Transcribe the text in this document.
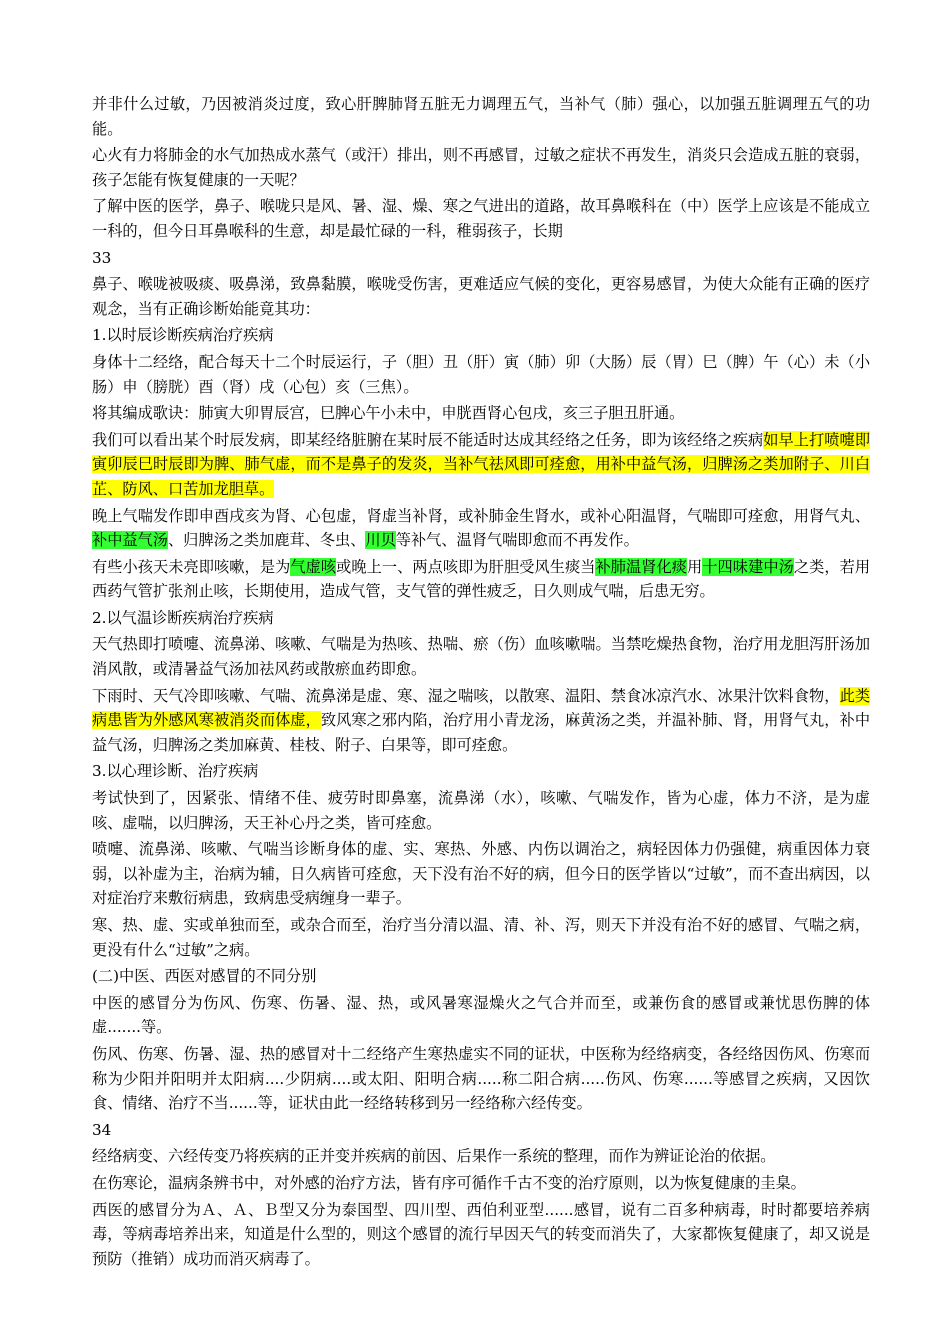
并非什么过敏，乃因被消炎过度，致心肝脾肺肾五脏无力调理五气，当补气（肺）强心，以加强五脏调理五气的功能。

心火有力将肺金的水气加热成水蒸气（或汗）排出，则不再感冒，过敏之症状不再发生，消炎只会造成五脏的衰弱，孩子怎能有恢复健康的一天呢？

了解中医的医学，鼻子、喉咙只是风、暑、湿、燥、寒之气进出的道路，故耳鼻喉科在（中）医学上应该是不能成立一科的，但今日耳鼻喉科的生意，却是最忙碌的一科，稚弱孩子，长期

33

鼻子、喉咙被吸痰、吸鼻涕，致鼻黏膜，喉咙受伤害，更难适应气候的变化，更容易感冒，为使大众能有正确的医疗观念，当有正确诊断始能竟其功：

1.以时辰诊断疾病治疗疾病

身体十二经络，配合每天十二个时辰运行，子（胆）丑（肝）寅（肺）卯（大肠）辰（胃）巳（脾）午（心）未（小肠）申（膀胱）酉（肾）戌（心包）亥（三焦）。

将其编成歌诀：肺寅大卯胃辰宫，巳脾心午小未中，申胱酉肾心包戌，亥三子胆丑肝通。

我们可以看出某个时辰发病，即某经络脏腑在某时辰不能适时达成其经络之任务，即为该经络之疾病如早上打喷嚏即寅卯辰巳时辰即为脾、肺气虚，而不是鼻子的发炎，当补气祛风即可痊愈，用补中益气汤，归脾汤之类加附子、川白芷、防风、口苦加龙胆草。

晚上气喘发作即申酉戌亥为肾、心包虚，肾虚当补肾，或补肺金生肾水，或补心阳温肾，气喘即可痊愈，用肾气丸、补中益气汤、归脾汤之类加鹿茸、冬虫、川贝等补气、温肾气喘即愈而不再发作。

有些小孩天未亮即咳嗽，是为气虚咳或晚上一、两点咳即为肝胆受风生痰当补肺温肾化痰用十四味建中汤之类，若用西药气管扩张剂止咳，长期使用，造成气管，支气管的弹性疲乏，日久则成气喘，后患无穷。

2.以气温诊断疾病治疗疾病

天气热即打喷嚏、流鼻涕、咳嗽、气喘是为热咳、热喘、瘀（伤）血咳嗽喘。当禁吃燥热食物，治疗用龙胆泻肝汤加消风散，或清暑益气汤加祛风药或散瘀血药即愈。

下雨时、天气冷即咳嗽、气喘、流鼻涕是虚、寒、湿之喘咳，以散寒、温阳、禁食冰凉汽水、冰果汁饮料食物，此类病患皆为外感风寒被消炎而体虚，致风寒之邪内陷，治疗用小青龙汤，麻黄汤之类，并温补肺、肾，用肾气丸，补中益气汤，归脾汤之类加麻黄、桂枝、附子、白果等，即可痊愈。

3.以心理诊断、治疗疾病

考试快到了，因紧张、情绪不佳、疲劳时即鼻塞，流鼻涕（水），咳嗽、气喘发作，皆为心虚，体力不济，是为虚咳、虚喘，以归脾汤，天王补心丹之类，皆可痊愈。

喷嚏、流鼻涕、咳嗽、气喘当诊断身体的虚、实、寒热、外感、内伤以调治之，病轻因体力仍强健，病重因体力衰弱，以补虚为主，治病为辅，日久病皆可痊愈，天下没有治不好的病，但今日的医学皆以“过敏”，而不查出病因，以对症治疗来敷衍病患，致病患受病缠身一辈子。

寒、热、虚、实或单独而至，或杂合而至，治疗当分清以温、清、补、泻，则天下并没有治不好的感冒、气喘之病，更没有什么“过敏”之病。

(二)中医、西医对感冒的不同分别

中医的感冒分为伤风、伤寒、伤暑、湿、热，或风暑寒湿燥火之气合并而至，或兼伤食的感冒或兼忧思伤脾的体虚.......等。

伤风、伤寒、伤暑、湿、热的感冒对十二经络产生寒热虚实不同的证状，中医称为经络病变，各经络因伤风、伤寒而称为少阳并阳明并太阳病....少阴病....或太阳、阳明合病.....称二阳合病.....伤风、伤寒......等感冒之疾病，又因饮食、情绪、治疗不当......等，证状由此一经络转移到另一经络称六经传变。

34

经络病变、六经传变乃将疾病的正并变并疾病的前因、后果作一系统的整理，而作为辨证论治的依据。

在伤寒论，温病条辨书中，对外感的治疗方法，皆有序可循作千古不变的治疗原则，以为恢复健康的圭臬。

西医的感冒分为Ａ、Ａ、Ｂ型又分为泰国型、四川型、西伯利亚型......感冒，说有二百多种病毒，时时都要培养病毒，等病毒培养出来，知道是什么型的，则这个感冒的流行早因天气的转变而消失了，大家都恢复健康了，却又说是预防（推销）成功而消灭病毒了。
